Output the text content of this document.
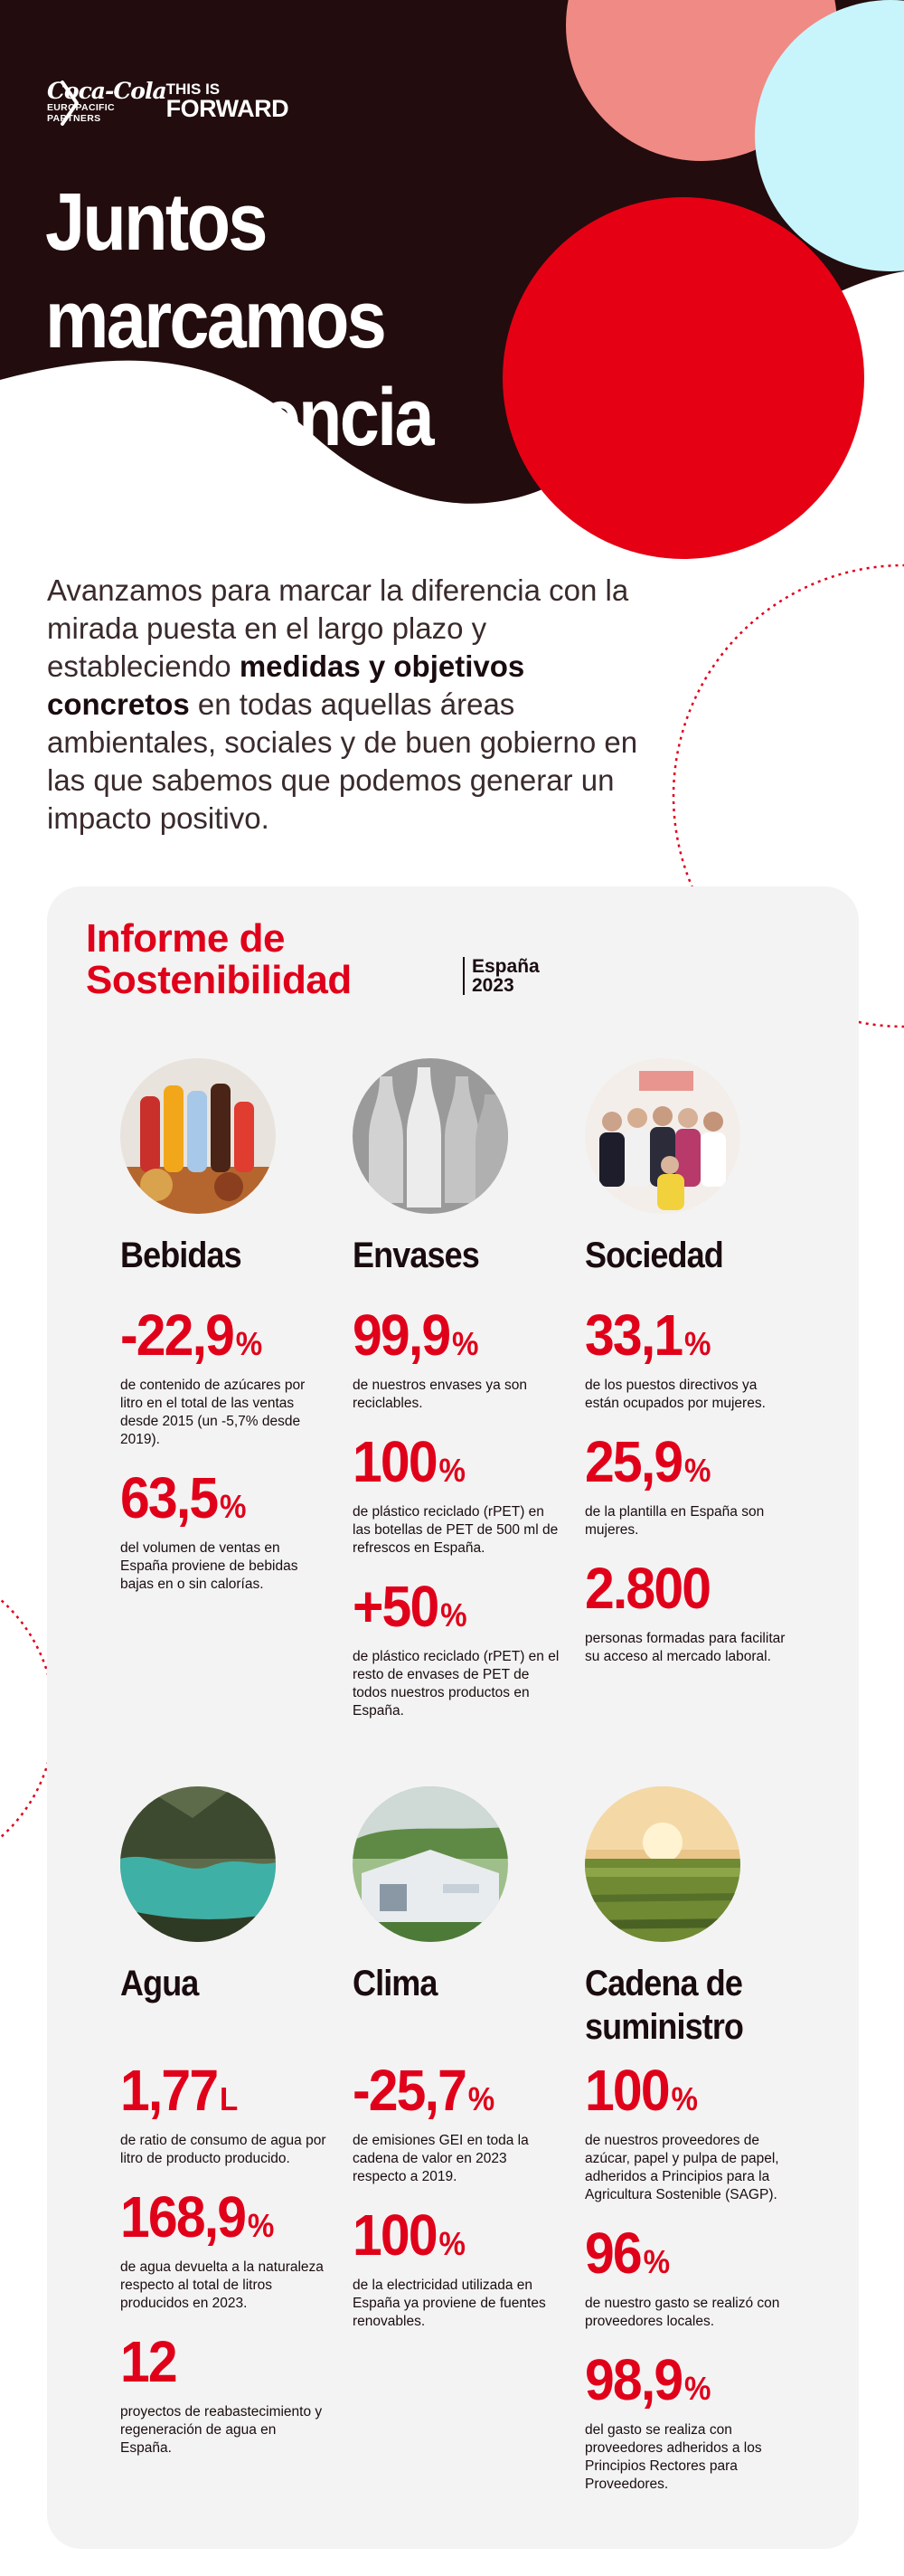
Coca-Cola
EUROPACIFIC
PARTNERS
THIS IS
FORWARD
Juntos marcamos
la diferencia

Avanzamos para marcar la diferencia con la mirada puesta en el largo plazo y estableciendo medidas y objetivos concretos en todas aquellas áreas ambientales, sociales y de buen gobierno en las que sabemos que podemos generar un impacto positivo.

Informe de
Sostenibilidad	España
2023
Bebidas
-22,9%
de contenido de azúcares por litro en el total de las ventas desde 2015 (un -5,7% desde 2019).
63,5%
del volumen de ventas en España proviene de bebidas bajas en o sin calorías.
Envases
99,9%
de nuestros envases ya son reciclables.
100%
de plástico reciclado (rPET) en las botellas de PET de 500 ml de refrescos en España.
+50%
de plástico reciclado (rPET) en el resto de envases de PET de todos nuestros productos en España.
Sociedad
33,1%
de los puestos directivos ya están ocupados por mujeres.
25,9%
de la plantilla en España son mujeres.
2.800
personas formadas para facilitar su acceso al mercado laboral.
Agua
1,77L
de ratio de consumo de agua por litro de producto producido.
168,9%
de agua devuelta a la naturaleza respecto al total de litros producidos en 2023.
12
proyectos de reabastecimiento y regeneración de agua en España.
Clima
-25,7%
de emisiones GEI en toda la cadena de valor en 2023 respecto a 2019.
100%
de la electricidad utilizada en España ya proviene de fuentes renovables.
Cadena de
suministro
100%
de nuestros proveedores de azúcar, papel y pulpa de papel, adheridos a Principios para la Agricultura Sostenible (SAGP).
96%
de nuestro gasto se realizó con proveedores locales.
98,9%
del gasto se realiza con proveedores adheridos a los Principios Rectores para Proveedores.
